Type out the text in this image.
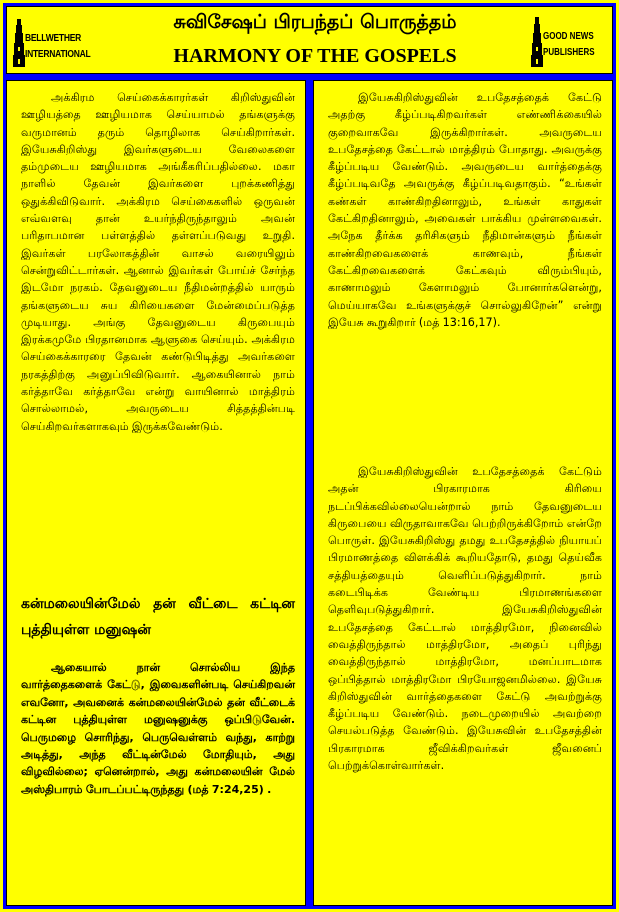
BELLWETHER
INTERNATIONAL
சுவிசேஷப் பிரபந்தப் பொருத்தம்
HARMONY OF THE GOSPELS
GOOD NEWS
PUBLISHERS
அக்கிரம செய்கைக்காரர்கள் கிறிஸ்துவின் ஊழியத்தை ஊழியமாக செய்யாமல் தங்களுக்கு வருமானம் தரும் தொழிலாக செய்கிறார்கள். இயேசுகிறிஸ்து இவர்களுடைய வேலைகளை தம்முடைய ஊழியமாக அங்கீகரிப்பதில்லை. மகா நாளில் தேவன் இவர்களை புறக்கணித்து ஒதுக்கிவிடுவார். அக்கிரம செய்கைகளில் ஒருவன் எவ்வளவு தான் உயர்ந்திருந்தாலும் அவன் பரிதாபமான பள்ளத்தில் தள்ளப்படுவது உறுதி. இவர்கள் பரலோகத்தின் வாசல் வரையிலும் சென்றுவிட்டார்கள். ஆனால் இவர்கள் போய்ச் சேர்ந்த இடமோ நரகம். தேவனுடைய நீதிமன்றத்தில் யாரும் தங்களுடைய சுய கிரியைகளை மேன்மைப்படுத்த முடியாது. அங்கு தேவனுடைய கிருபையும் இரக்கமுமே பிரதானமாக ஆளுகை செய்யும். அக்கிரம செய்கைக்காரரை தேவன் கண்டுபிடித்து அவர்களை நரகத்திற்கு அனுப்பிவிடுவார். ஆகையினால் நாம் கர்த்தாவே கர்த்தாவே என்று வாயினால் மாத்திரம் சொல்லாமல், அவருடைய சித்தத்தின்படி செய்கிறவர்களாகவும் இருக்கவேண்டும்.
கன்மலையின்மேல் தன் வீட்டை கட்டின புத்தியுள்ள மனுஷன்
ஆகையால் நான் சொல்லிய இந்த வார்த்தைகளைக் கேட்டு, இவைகளின்படி செய்கிறவன் எவனோ, அவனைக் கன்மலையின்மேல் தன் வீட்டைக் கட்டின புத்தியுள்ள மனுஷனுக்கு ஒப்பிடுவேன். பெருமழை சொரிந்து, பெருவெள்ளம் வந்து, காற்று அடித்து, அந்த வீட்டின்மேல் மோதியும், அது விழவில்லை; ஏனென்றால், அது கன்மலையின் மேல் அஸ்திபாரம் போடப்பட்டிருந்தது (மத் 7:24,25) .
இயேசுகிறிஸ்துவின் உபதேசத்தைக் கேட்டு அதற்கு கீழ்ப்படிகிறவர்கள் எண்ணிக்கையில் குறைவாகவே இருக்கிறார்கள். அவருடைய உபதேசத்தை கேட்டால் மாத்திரம் போதாது. அவருக்கு கீழ்ப்படிய வேண்டும். அவருடைய வார்த்தைக்கு கீழ்ப்படிவதே அவருக்கு கீழ்ப்படிவதாகும். “உங்கள் கண்கள் காண்கிறதினாலும், உங்கள் காதுகள் கேட்கிறதினாலும், அவைகள் பாக்கிய முள்ளவைகள். அநேக தீர்க்க தரிசிகளும் நீதிமான்களும் நீங்கள் காண்கிறவைகளைக் காணவும், நீங்கள் கேட்கிறவைகளைக் கேட்கவும் விரும்பியும், காணாமலும் கேளாமலும் போனார்களென்று, மெய்யாகவே உங்களுக்குச் சொல்லுகிறேன்” என்று இயேசு கூறுகிறார் (மத் 13:16,17).
இயேசுகிறிஸ்துவின் உபதேசத்தைக் கேட்டும் அதன் பிரகாரமாக கிரியை நடப்பிக்கவில்லையென்றால் நாம் தேவனுடைய கிருபையை விருதாவாகவே பெற்றிருக்கிறோம் என்றே பொருள். இயேசுகிறிஸ்து தமது உபதேசத்தில் நியாயப் பிரமாணத்தை விளக்கிக் கூறியதோடு, தமது தெய்வீக சத்தியத்தையும் வெளிப்படுத்துகிறார். நாம் கடைபிடிக்க வேண்டிய பிரமாணங்களை தெளிவுபடுத்துகிறார். இயேசுகிறிஸ்துவின் உபதேசத்தை கேட்டால் மாத்திரமோ, நினைவில் வைத்திருந்தால் மாத்திரமோ, அதைப் புரிந்து வைத்திருந்தால் மாத்திரமோ, மனப்பாடமாக ஒப்பித்தால் மாத்திரமோ பிரயோஜனமில்லை. இயேசு கிறிஸ்துவின் வார்த்தைகளை கேட்டு அவற்றுக்கு கீழ்ப்படிய வேண்டும். நடைமுறையில் அவற்றை செயல்படுத்த வேண்டும். இயேசுவின் உபதேசத்தின் பிரகாரமாக ஜீவிக்கிறவர்கள் ஜீவனைப் பெற்றுக்கொள்வார்கள்.
